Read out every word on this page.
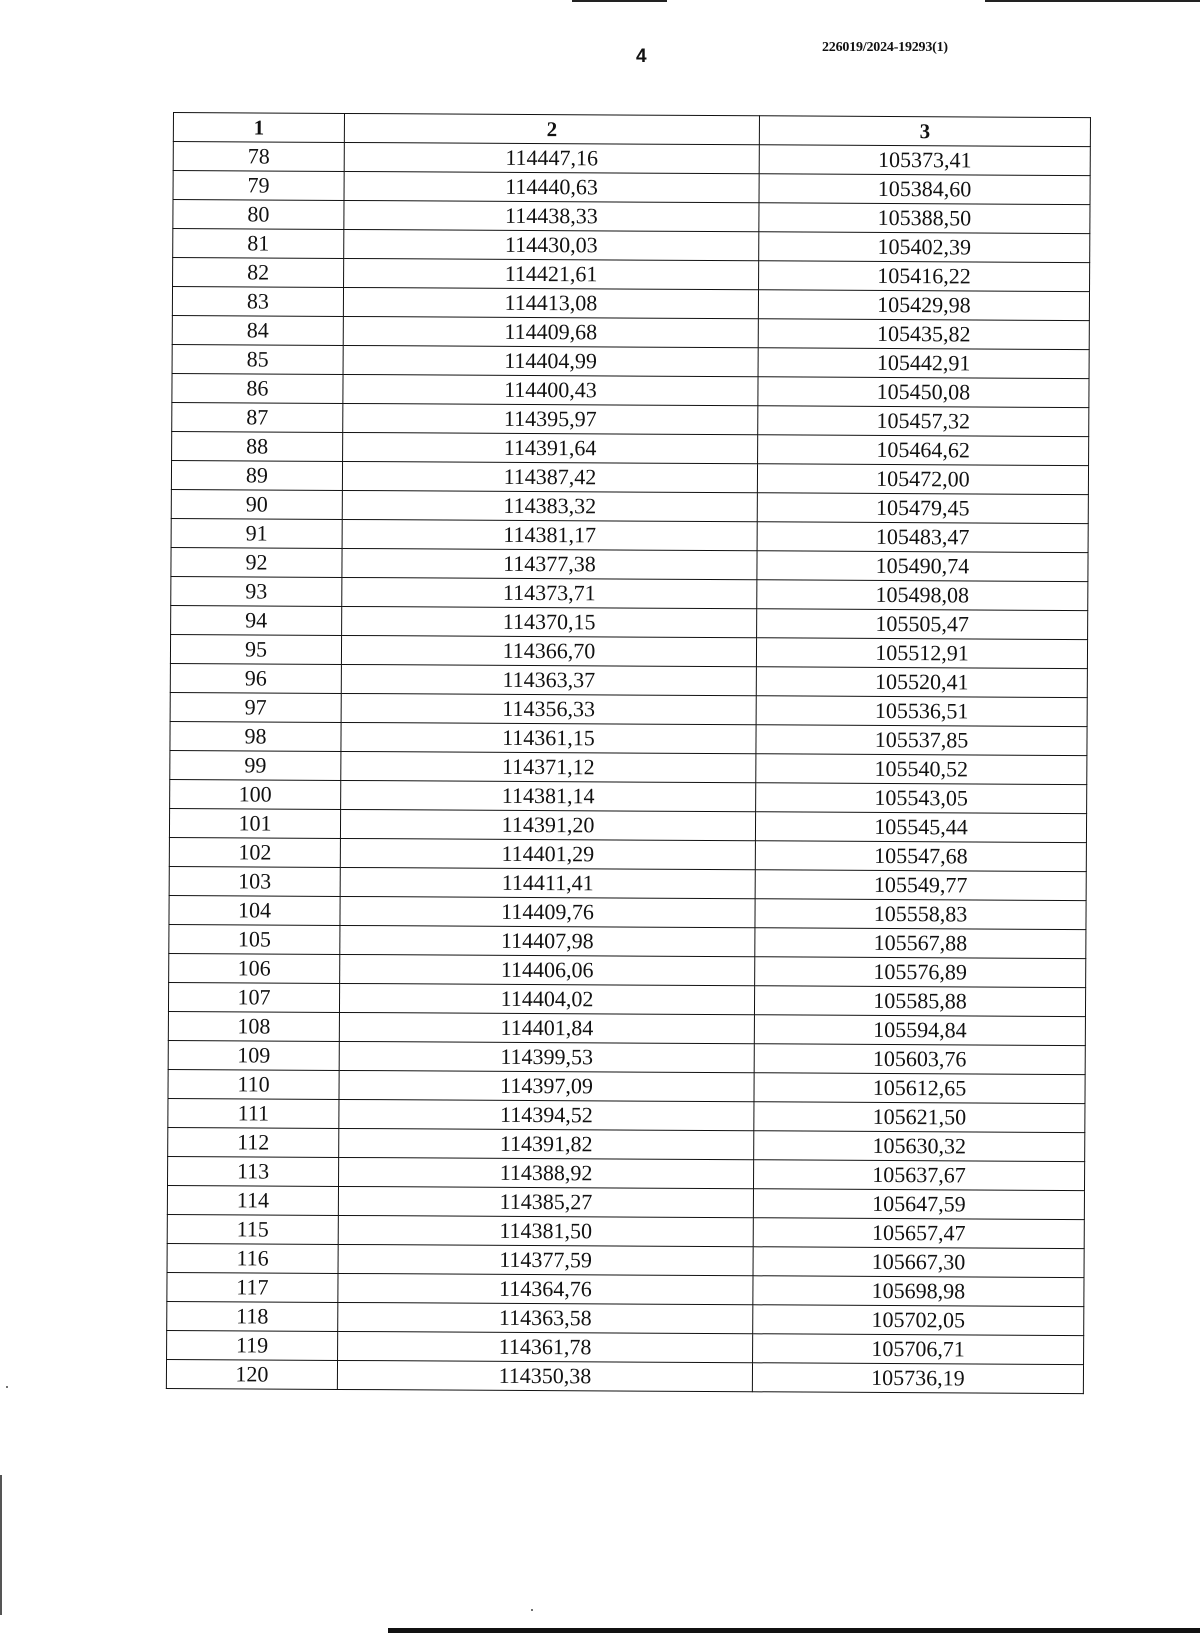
4	226019/2024-19293(1)
1	2	3
78	114447,16	105373,41
79	114440,63	105384,60
80	114438,33	105388,50
81	114430,03	105402,39
82	114421,61	105416,22
83	114413,08	105429,98
84	114409,68	105435,82
85	114404,99	105442,91
86	114400,43	105450,08
87	114395,97	105457,32
88	114391,64	105464,62
89	114387,42	105472,00
90	114383,32	105479,45
91	114381,17	105483,47
92	114377,38	105490,74
93	114373,71	105498,08
94	114370,15	105505,47
95	114366,70	105512,91
96	114363,37	105520,41
97	114356,33	105536,51
98	114361,15	105537,85
99	114371,12	105540,52
100	114381,14	105543,05
101	114391,20	105545,44
102	114401,29	105547,68
103	114411,41	105549,77
104	114409,76	105558,83
105	114407,98	105567,88
106	114406,06	105576,89
107	114404,02	105585,88
108	114401,84	105594,84
109	114399,53	105603,76
110	114397,09	105612,65
111	114394,52	105621,50
112	114391,82	105630,32
113	114388,92	105637,67
114	114385,27	105647,59
115	114381,50	105657,47
116	114377,59	105667,30
117	114364,76	105698,98
118	114363,58	105702,05
119	114361,78	105706,71
120	114350,38	105736,19
